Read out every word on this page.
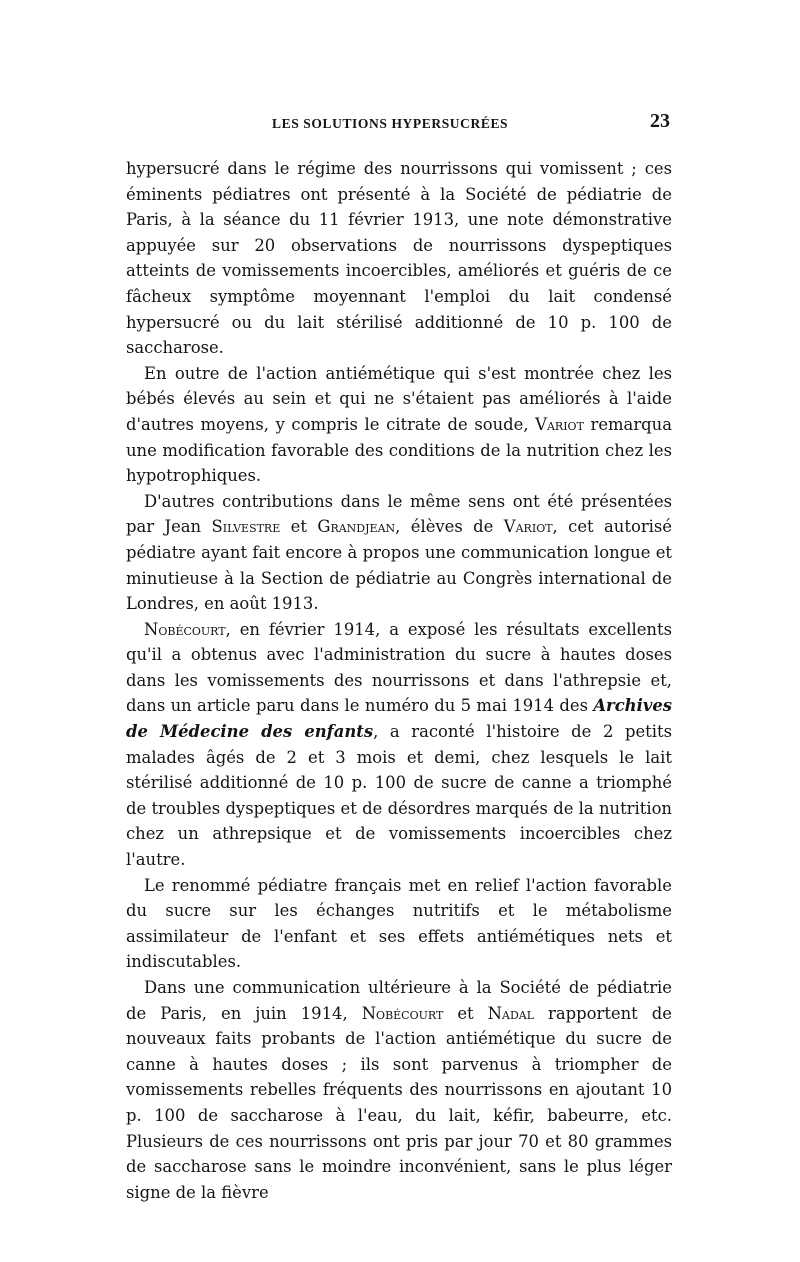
LES SOLUTIONS HYPERSUCRÉES	23

hypersucré dans le régime des nourrissons qui vomissent ; ces éminents pédiatres ont présenté à la Société de pédiatrie de Paris, à la séance du 11 février 1913, une note démonstrative appuyée sur 20 observations de nourrissons dyspeptiques atteints de vomissements incoercibles, améliorés et guéris de ce fâcheux symptôme moyennant l'emploi du lait condensé hypersucré ou du lait stérilisé additionné de 10 p. 100 de saccharose.

En outre de l'action antiémétique qui s'est montrée chez les bébés élevés au sein et qui ne s'étaient pas améliorés à l'aide d'autres moyens, y compris le citrate de soude, Variot remarqua une modification favorable des conditions de la nutrition chez les hypotrophiques.

D'autres contributions dans le même sens ont été présentées par Jean Silvestre et Grandjean, élèves de Variot, cet autorisé pédiatre ayant fait encore à propos une communication longue et minutieuse à la Section de pédiatrie au Congrès international de Londres, en août 1913.

Nobécourt, en février 1914, a exposé les résultats excellents qu'il a obtenus avec l'administration du sucre à hautes doses dans les vomissements des nourrissons et dans l'athrepsie et, dans un article paru dans le numéro du 5 mai 1914 des Archives de Médecine des enfants, a raconté l'histoire de 2 petits malades âgés de 2 et 3 mois et demi, chez lesquels le lait stérilisé additionné de 10 p. 100 de sucre de canne a triomphé de troubles dyspeptiques et de désordres marqués de la nutrition chez un athrepsique et de vomissements incoercibles chez l'autre.

Le renommé pédiatre français met en relief l'action favorable du sucre sur les échanges nutritifs et le métabolisme assimilateur de l'enfant et ses effets antiémétiques nets et indiscutables.

Dans une communication ultérieure à la Société de pédiatrie de Paris, en juin 1914, Nobécourt et Nadal rapportent de nouveaux faits probants de l'action antiémétique du sucre de canne à hautes doses ; ils sont parvenus à triompher de vomissements rebelles fréquents des nourrissons en ajoutant 10 p. 100 de saccharose à l'eau, du lait, kéfir, babeurre, etc. Plusieurs de ces nourrissons ont pris par jour 70 et 80 grammes de saccharose sans le moindre inconvénient, sans le plus léger signe de la fièvre
